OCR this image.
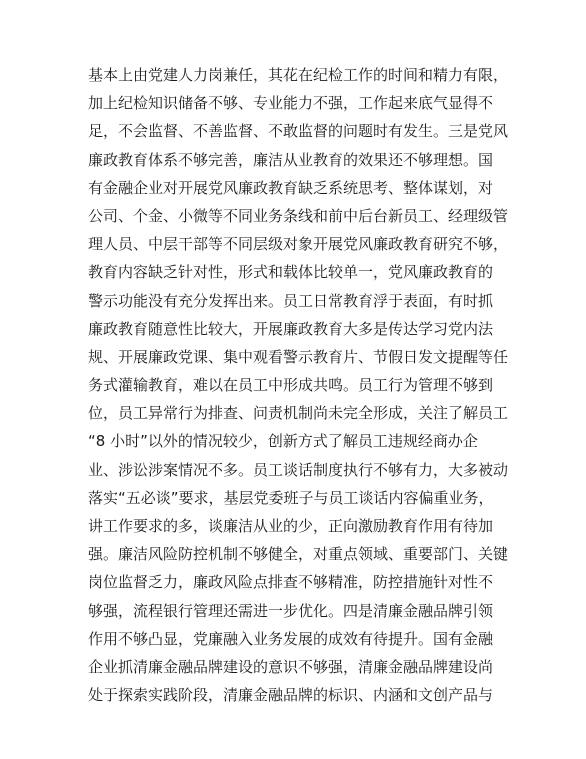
基本上由党建人力岗兼任，其花在纪检工作的时间和精力有限，
加上纪检知识储备不够、专业能力不强，工作起来底气显得不
足，不会监督、不善监督、不敢监督的问题时有发生。三是党风
廉政教育体系不够完善，廉洁从业教育的效果还不够理想。国
有金融企业对开展党风廉政教育缺乏系统思考、整体谋划，对
公司、个金、小微等不同业务条线和前中后台新员工、经理级管
理人员、中层干部等不同层级对象开展党风廉政教育研究不够，
教育内容缺乏针对性，形式和载体比较单一，党风廉政教育的
警示功能没有充分发挥出来。员工日常教育浮于表面，有时抓
廉政教育随意性比较大，开展廉政教育大多是传达学习党内法
规、开展廉政党课、集中观看警示教育片、节假日发文提醒等任
务式灌输教育，难以在员工中形成共鸣。员工行为管理不够到
位，员工异常行为排查、问责机制尚未完全形成，关注了解员工
“8 小时”以外的情况较少，创新方式了解员工违规经商办企
业、涉讼涉案情况不多。员工谈话制度执行不够有力，大多被动
落实“五必谈”要求，基层党委班子与员工谈话内容偏重业务，
讲工作要求的多，谈廉洁从业的少，正向激励教育作用有待加
强。廉洁风险防控机制不够健全，对重点领域、重要部门、关键
岗位监督乏力，廉政风险点排查不够精准，防控措施针对性不
够强，流程银行管理还需进一步优化。四是清廉金融品牌引领
作用不够凸显，党廉融入业务发展的成效有待提升。国有金融
企业抓清廉金融品牌建设的意识不够强，清廉金融品牌建设尚
处于探索实践阶段，清廉金融品牌的标识、内涵和文创产品与
